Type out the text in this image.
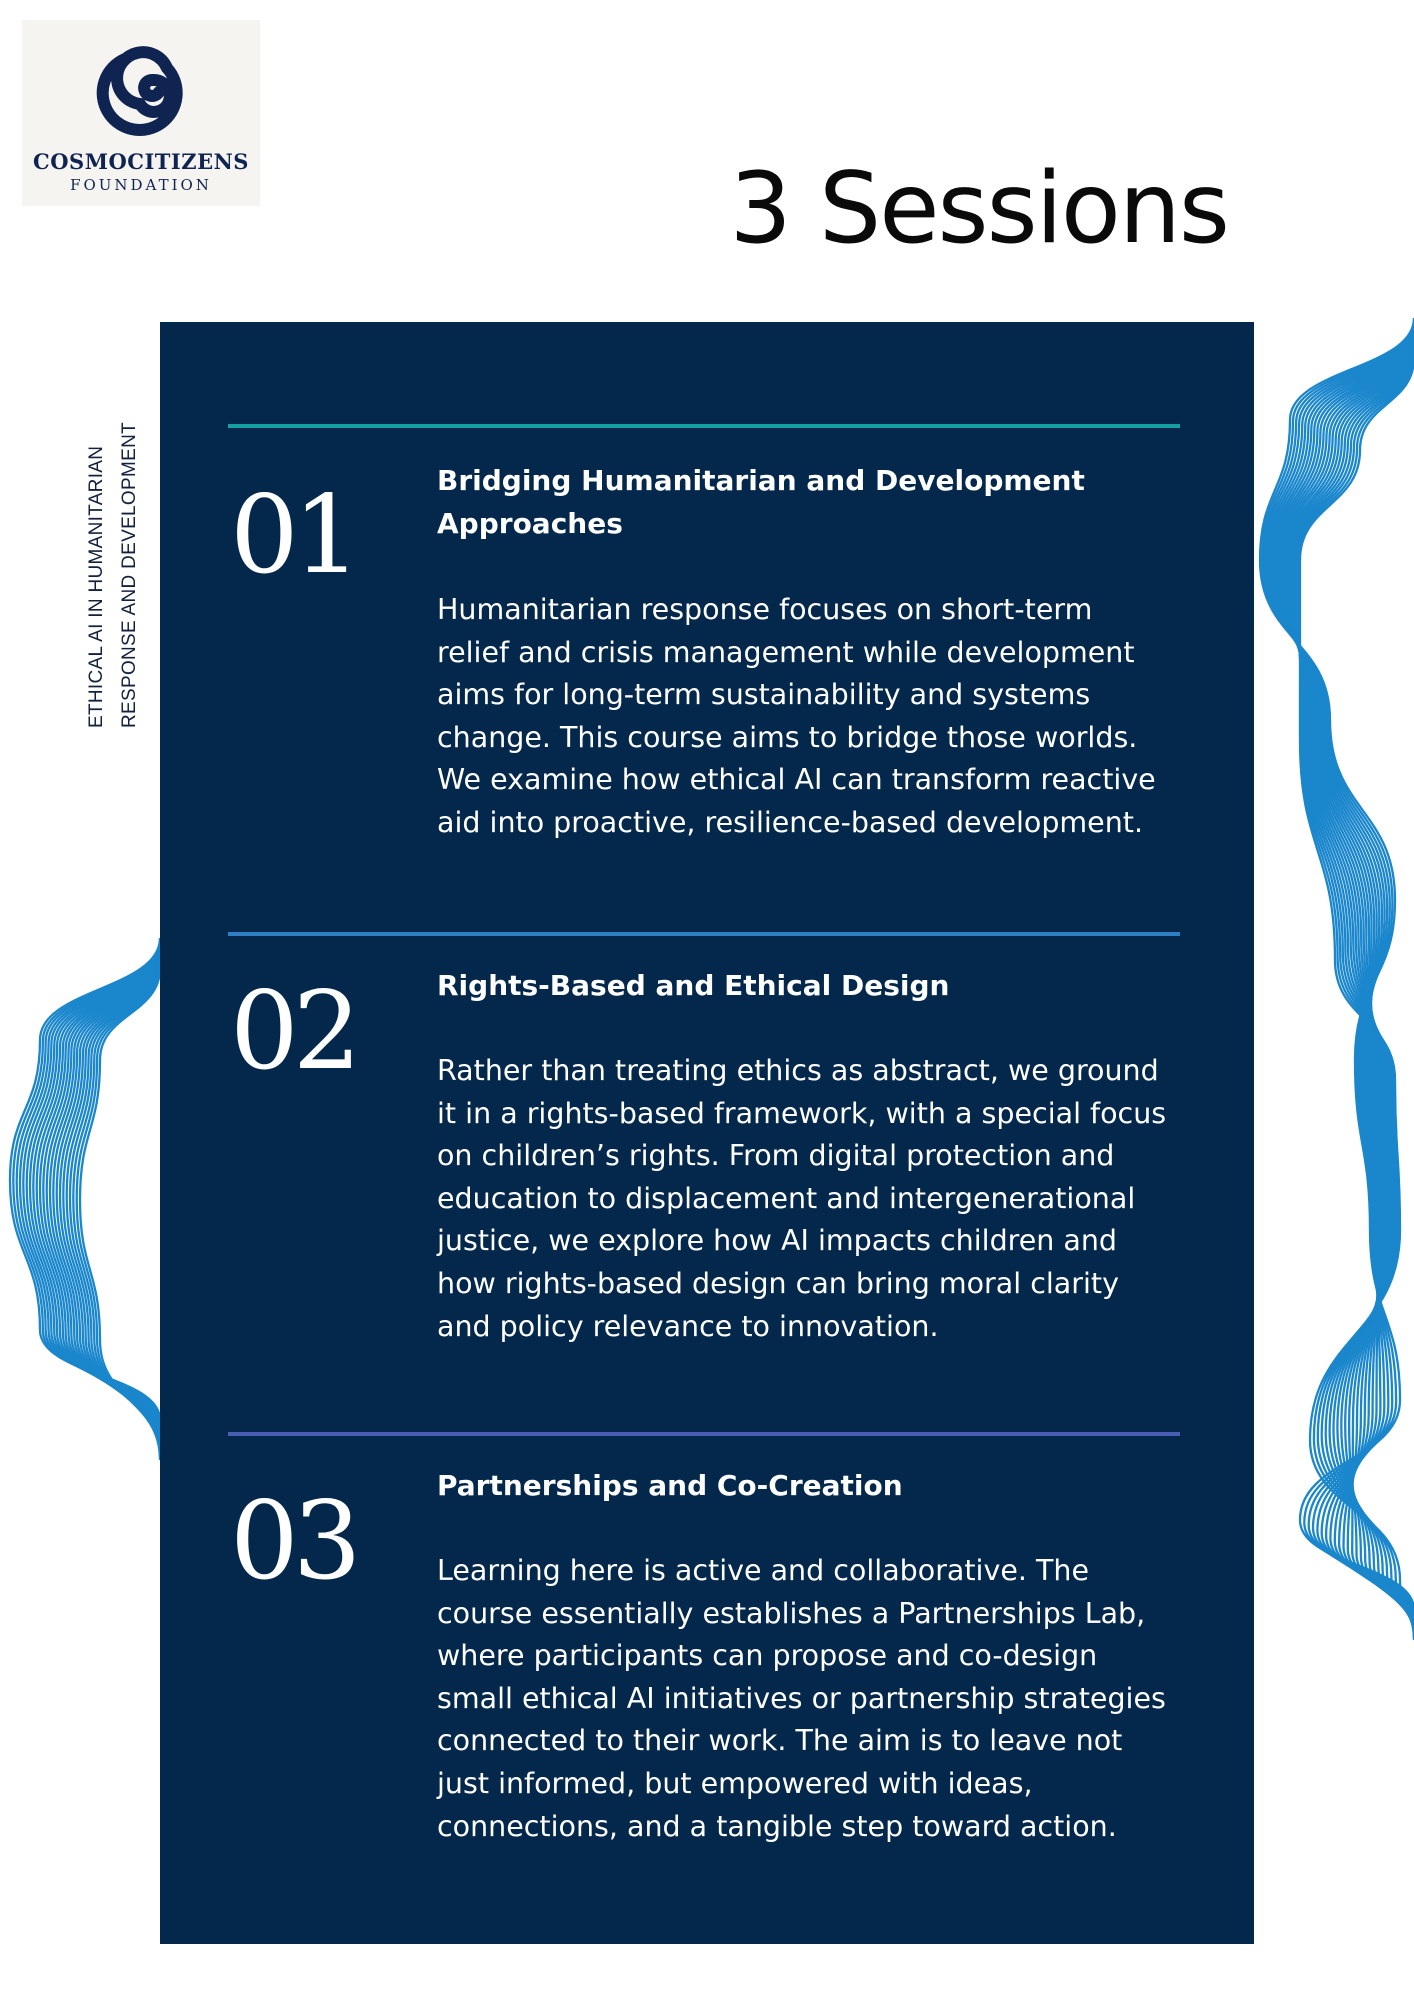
COSMOCITIZENS
FOUNDATION	3 Sessions
ETHICAL AI IN HUMANITARIAN RESPONSE AND DEVELOPMENT 01	Bridging Humanitarian and Development
Approaches

Humanitarian response focuses on short-term
relief and crisis management while development
aims for long-term sustainability and systems
change. This course aims to bridge those worlds.
We examine how ethical AI can transform reactive
aid into proactive, resilience-based development.

02	Rights-Based and Ethical Design

Rather than treating ethics as abstract, we ground
it in a rights-based framework, with a special focus
on children’s rights. From digital protection and
education to displacement and intergenerational
justice, we explore how AI impacts children and
how rights-based design can bring moral clarity
and policy relevance to innovation.

03	Partnerships and Co-Creation

Learning here is active and collaborative. The
course essentially establishes a Partnerships Lab,
where participants can propose and co-design
small ethical AI initiatives or partnership strategies
connected to their work. The aim is to leave not
just informed, but empowered with ideas,
connections, and a tangible step toward action.
